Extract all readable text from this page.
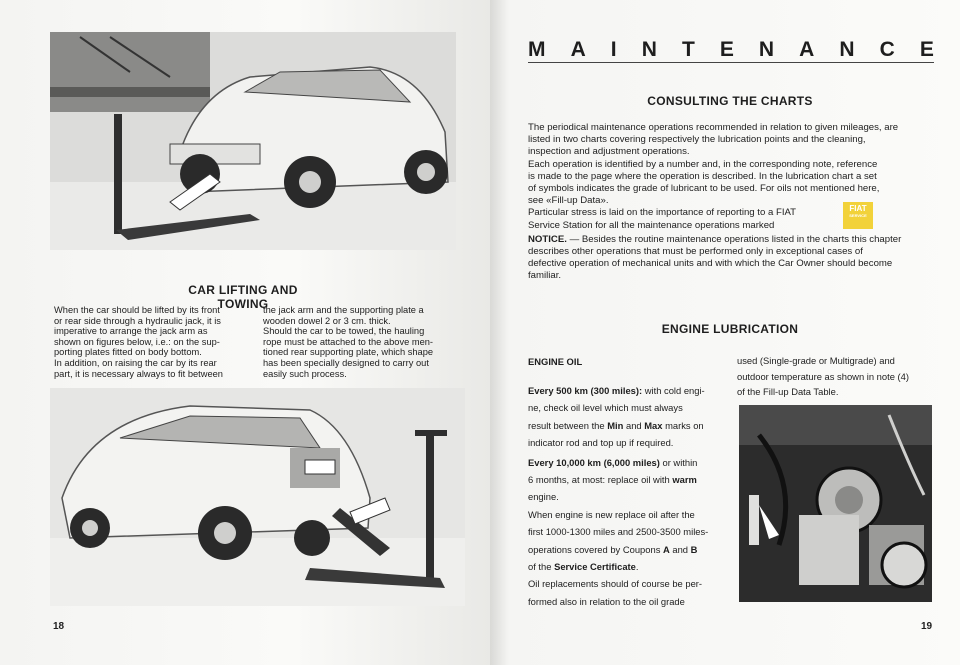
CAR LIFTING AND TOWING

When the car should be lifted by its front

or rear side through a hydraulic jack, it is

imperative to arrange the jack arm as

shown on figures below, i.e.: on the sup-

porting plates fitted on body bottom.

In addition, on raising the car by its rear

part, it is necessary always to fit between

the jack arm and the supporting plate a

wooden dowel 2 or 3 cm. thick.

Should the car to be towed, the hauling

rope must be attached to the above men-

tioned rear supporting plate, which shape

has been specially designed to carry out

easily such process.

18
M A I N T E N A N C E
CONSULTING THE CHARTS

The periodical maintenance operations recommended in relation to given mileages, are

listed in two charts covering respectively the lubrication points and the cleaning,

inspection and adjustment operations.

Each operation is identified by a number and, in the corresponding note, reference

is made to the page where the operation is described. In the lubrication chart a set

of symbols indicates the grade of lubricant to be used. For oils not mentioned here,

see «Fill-up Data».

Particular stress is laid on the importance of reporting to a FIAT

Service Station for all the maintenance operations marked

NOTICE. — Besides the routine maintenance operations listed in the charts this chapter

describes other operations that must be performed only in exceptional cases of

defective operation of mechanical units and with which the Car Owner should become

familiar.

FIAT
SERVICE
ENGINE LUBRICATION
ENGINE OIL

Every 500 km (300 miles): with cold engi-

ne, check oil level which must always

result between the Min and Max marks on

indicator rod and top up if required.

Every 10,000 km (6,000 miles) or within

6 months, at most: replace oil with warm

engine.

When engine is new replace oil after the

first 1000-1300 miles and 2500-3500 miles-

operations covered by Coupons A and B

of the Service Certificate.

Oil replacements should of course be per-

formed also in relation to the oil grade

used (Single-grade or Multigrade) and

outdoor temperature as shown in note (4)

of the Fill-up Data Table.

19
